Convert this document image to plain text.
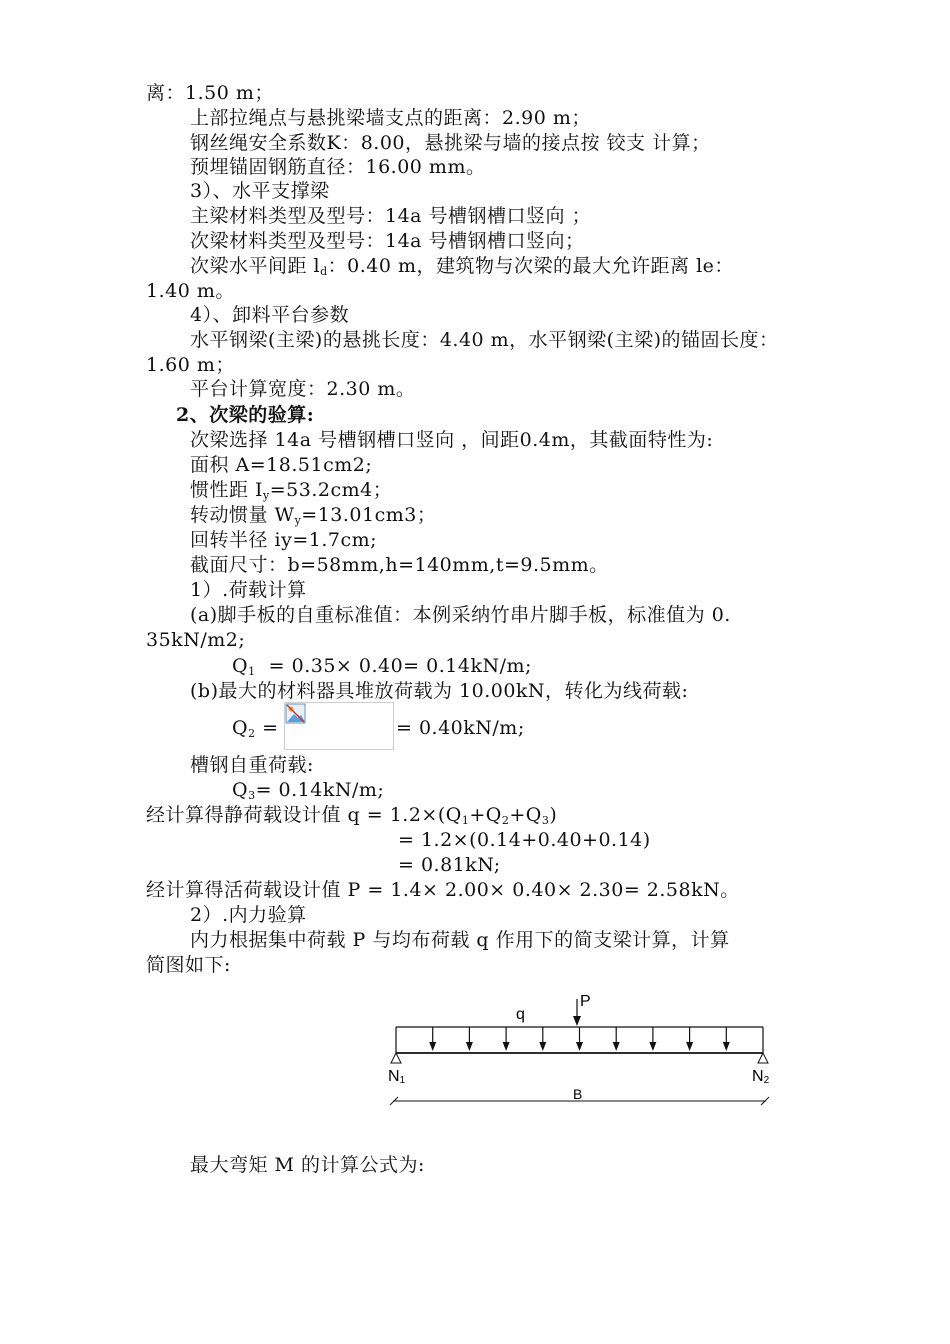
离：1.50 m；
上部拉绳点与悬挑梁墙支点的距离：2.90 m；
钢丝绳安全系数K：8.00，悬挑梁与墙的接点按 铰支 计算；
预埋锚固钢筋直径：16.00 mm。
3）、水平支撑梁
主梁材料类型及型号：14a 号槽钢槽口竖向 ；
次梁材料类型及型号：14a 号槽钢槽口竖向；
次梁水平间距 $l_d$：0.40 m，建筑物与次梁的最大允许距离 le：
1.40 m。
4）、卸料平台参数
水平钢梁(主梁)的悬挑长度：4.40 m，水平钢梁(主梁)的锚固长度：
1.60 m；
平台计算宽度：2.30 m。
2、次梁的验算:
次梁选择 14a 号槽钢槽口竖向 ，间距0.4m，其截面特性为:
面积 A=18.51cm2;
惯性距 $I_y=53.2cm4$；
转动惯量 $W_y=13.01cm3$；
回转半径 iy=1.7cm;
截面尺寸：b=58mm,h=140mm,t=9.5mm。
1）.荷载计算
(a)脚手板的自重标准值：本例采纳竹串片脚手板，标准值为 0.
35kN/m2;
$Q_1 = 0.35\times 0.40= 0.14kN/m$;
(b)最大的材料器具堆放荷载为 10.00kN，转化为线荷载:
$Q_2$ =	= 0.40kN/m;
槽钢自重荷载:
$Q_3= 0.14kN/m$;
经计算得静荷载设计值 $q = 1.2\times(Q_1+Q_2+Q_3)$
= 1.2×(0.14+0.40+0.14)
= 0.81kN;
经计算得活荷载设计值 P = 1.4× 2.00× 0.40× 2.30= 2.58kN。
2）.内力验算
内力根据集中荷载 P 与均布荷载 q 作用下的简支梁计算，计算
简图如下:
P
q
N1	N2
B
最大弯矩 M 的计算公式为:
